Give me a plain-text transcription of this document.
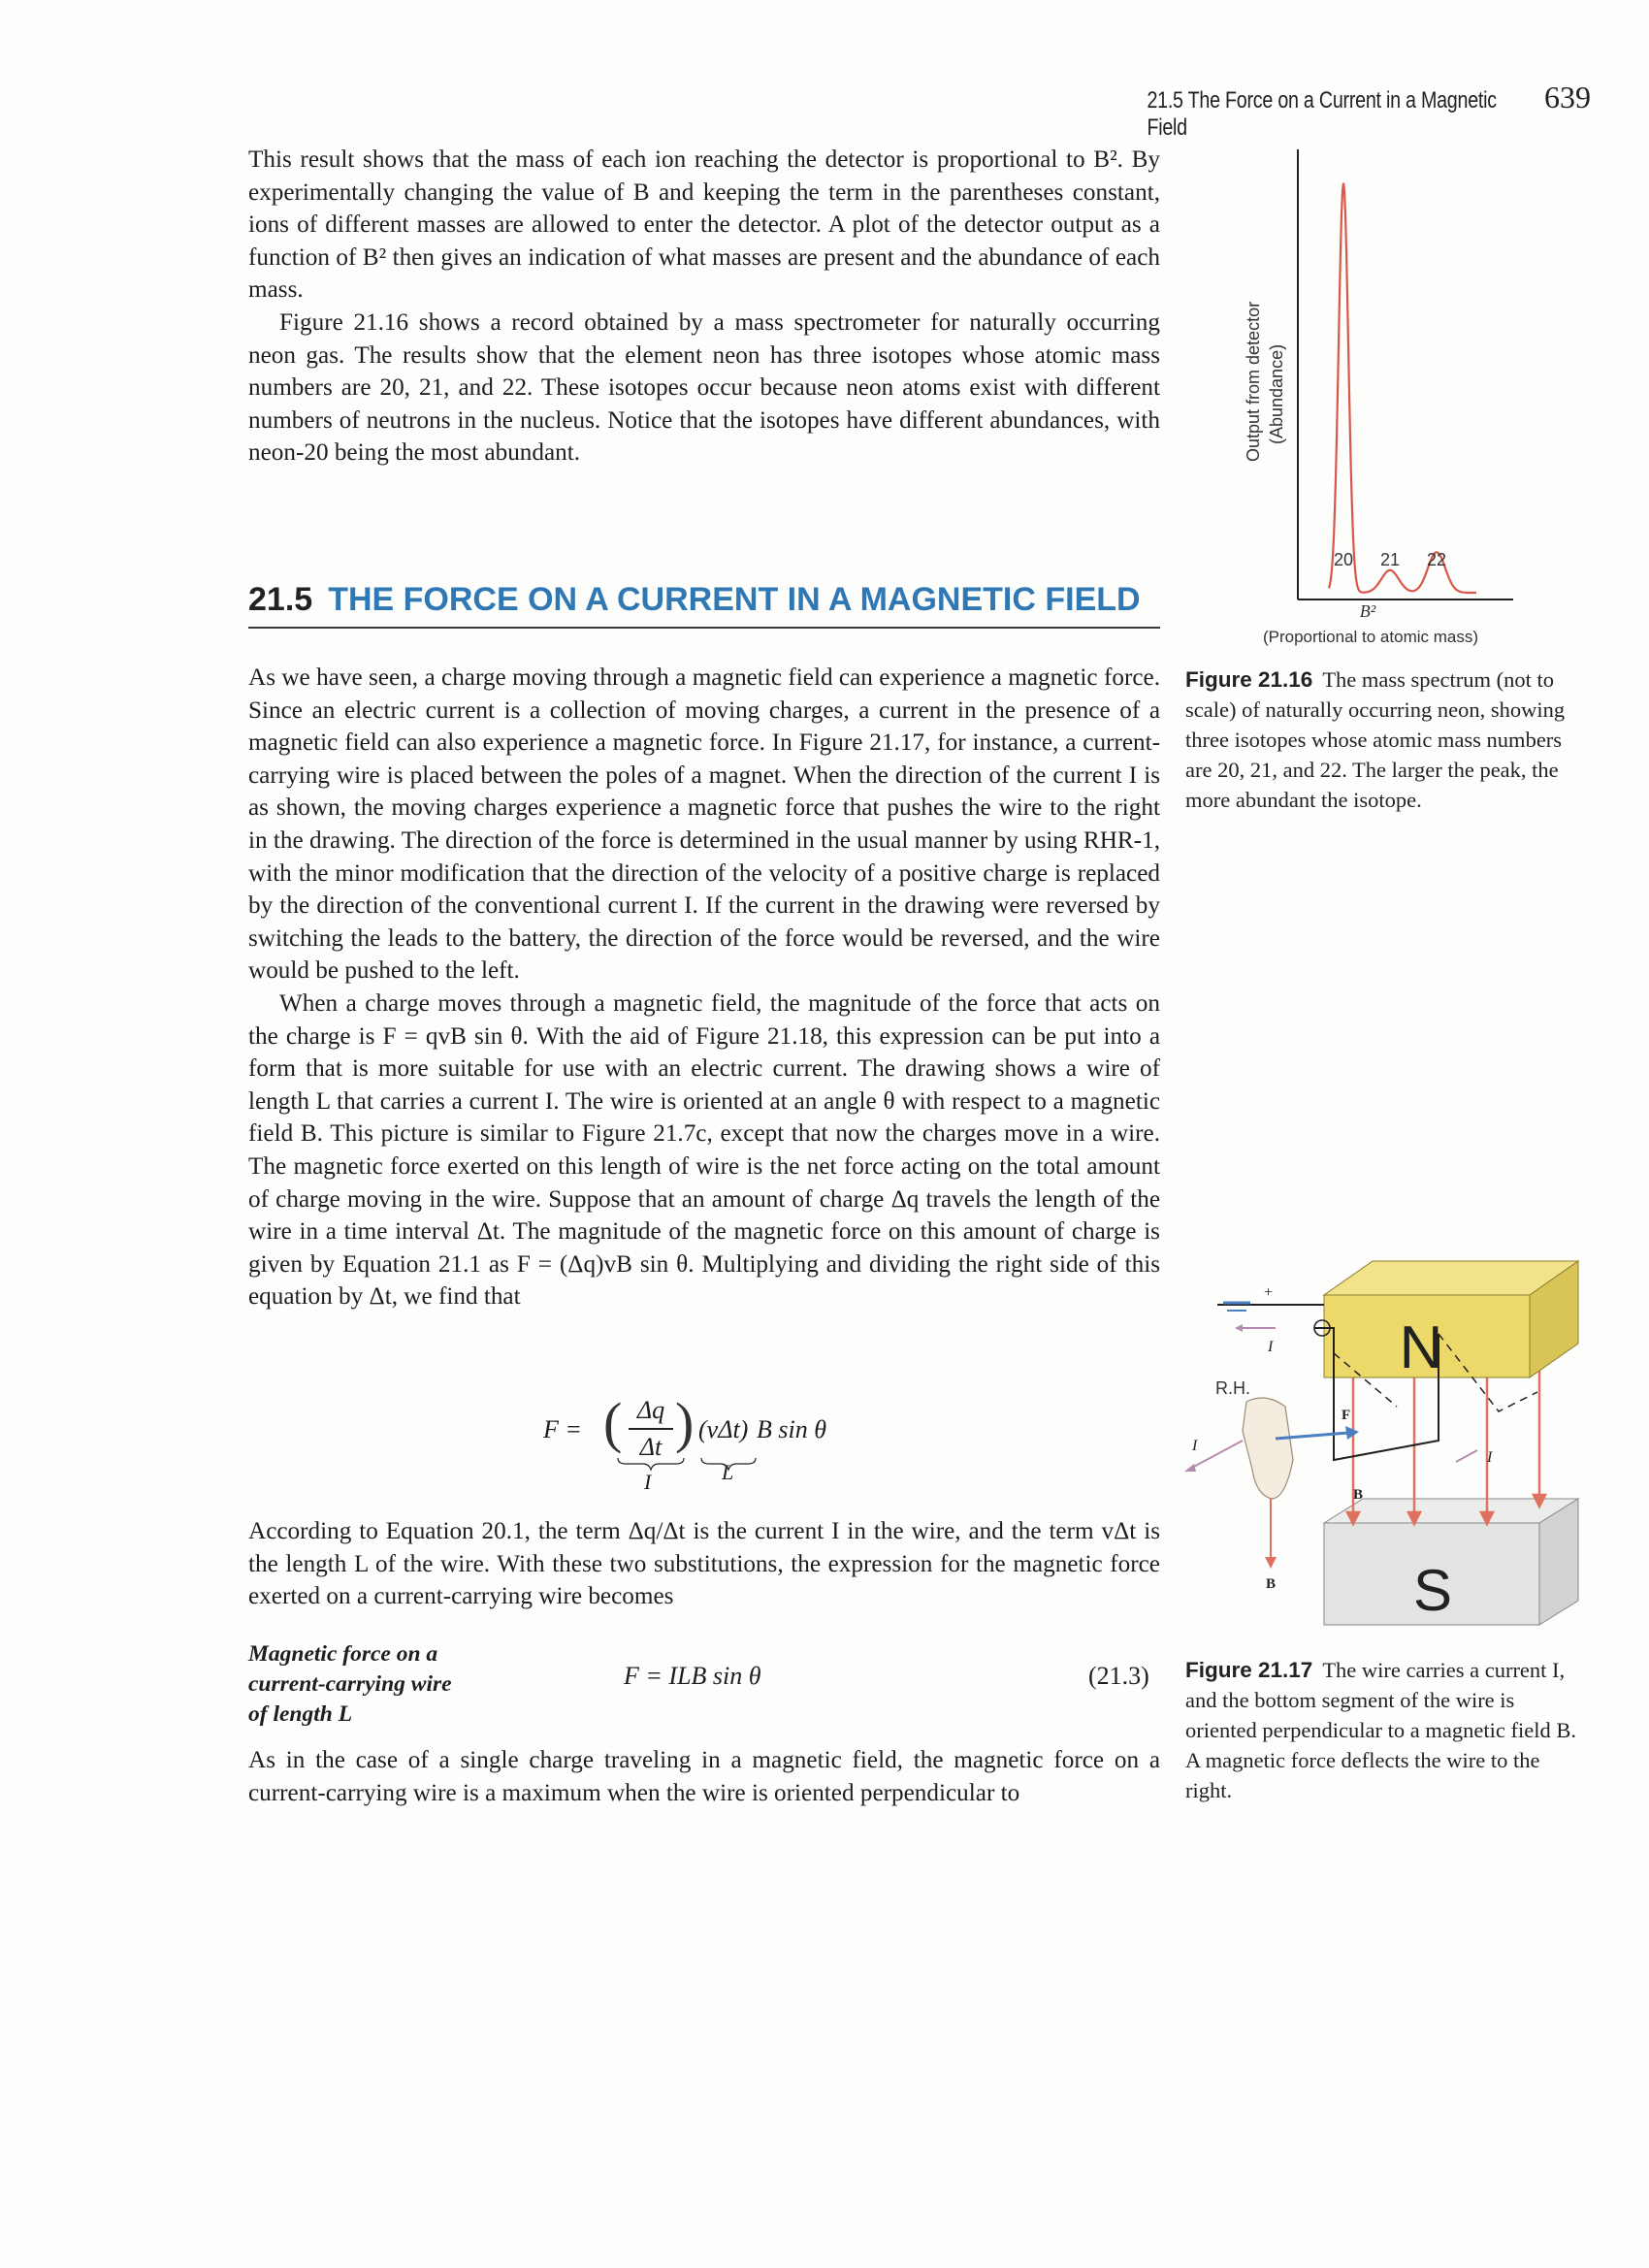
21.5 The Force on a Current in a Magnetic Field
639

This result shows that the mass of each ion reaching the detector is proportional to B². By experimentally changing the value of B and keeping the term in the parentheses constant, ions of different masses are allowed to enter the detector. A plot of the detector output as a function of B² then gives an indication of what masses are present and the abundance of each mass.

Figure 21.16 shows a record obtained by a mass spectrometer for naturally occurring neon gas. The results show that the element neon has three isotopes whose atomic mass numbers are 20, 21, and 22. These isotopes occur because neon atoms exist with different numbers of neutrons in the nucleus. Notice that the isotopes have different abundances, with neon-20 being the most abundant.

21.5 THE FORCE ON A CURRENT IN A MAGNETIC FIELD

As we have seen, a charge moving through a magnetic field can experience a magnetic force. Since an electric current is a collection of moving charges, a current in the presence of a magnetic field can also experience a magnetic force. In Figure 21.17, for instance, a current-carrying wire is placed between the poles of a magnet. When the direction of the current I is as shown, the moving charges experience a magnetic force that pushes the wire to the right in the drawing. The direction of the force is determined in the usual manner by using RHR-1, with the minor modification that the direction of the velocity of a positive charge is replaced by the direction of the conventional current I. If the current in the drawing were reversed by switching the leads to the battery, the direction of the force would be reversed, and the wire would be pushed to the left.

When a charge moves through a magnetic field, the magnitude of the force that acts on the charge is F = qvB sin θ. With the aid of Figure 21.18, this expression can be put into a form that is more suitable for use with an electric current. The drawing shows a wire of length L that carries a current I. The wire is oriented at an angle θ with respect to a magnetic field B. This picture is similar to Figure 21.7c, except that now the charges move in a wire. The magnetic force exerted on this length of wire is the net force acting on the total amount of charge moving in the wire. Suppose that an amount of charge Δq travels the length of the wire in a time interval Δt. The magnitude of the magnetic force on this amount of charge is given by Equation 21.1 as F = (Δq)vB sin θ. Multiplying and dividing the right side of this equation by Δt, we find that

F = ( Δq
Δt ) (vΔt) B sin θ
I	L

According to Equation 20.1, the term Δq/Δt is the current I in the wire, and the term vΔt is the length L of the wire. With these two substitutions, the expression for the magnetic force exerted on a current-carrying wire becomes

Magnetic force on a current-carrying wire of length L
F = ILB sin θ	(21.3)

As in the case of a single charge traveling in a magnetic field, the magnetic force on a current-carrying wire is a maximum when the wire is oriented perpendicular to

Output from detector (Abundance)
20 21 22
B²
(Proportional to atomic mass)
Figure 21.16 The mass spectrum (not to scale) of naturally occurring neon, showing three isotopes whose atomic mass numbers are 20, 21, and 22. The larger the peak, the more abundant the isotope.
S
N
+
I
R.H.
I
F
B
B
I
Figure 21.17 The wire carries a current I, and the bottom segment of the wire is oriented perpendicular to a magnetic field B. A magnetic force deflects the wire to the right.
